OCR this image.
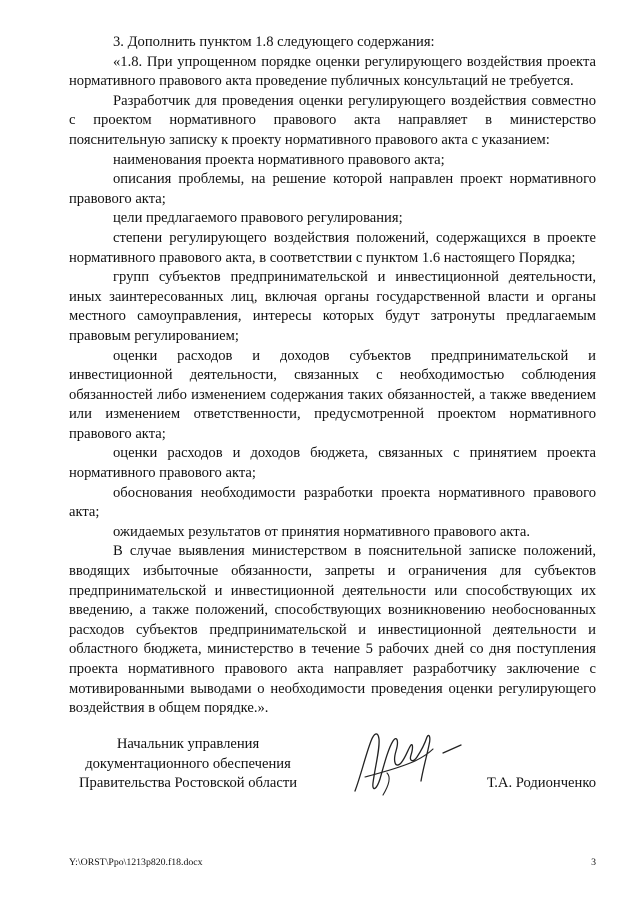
3. Дополнить пунктом 1.8 следующего содержания:

«1.8. При упрощенном порядке оценки регулирующего воздействия проекта нормативного правового акта проведение публичных консультаций не требуется.

Разработчик для проведения оценки регулирующего воздействия совместно с проектом нормативного правового акта направляет в министерство пояснительную записку к проекту нормативного правового акта с указанием:

наименования проекта нормативного правового акта;

описания проблемы, на решение которой направлен проект нормативного правового акта;

цели предлагаемого правового регулирования;

степени регулирующего воздействия положений, содержащихся в проекте нормативного правового акта, в соответствии с пунктом 1.6 настоящего Порядка;

групп субъектов предпринимательской и инвестиционной деятельности, иных заинтересованных лиц, включая органы государственной власти и органы местного самоуправления, интересы которых будут затронуты предлагаемым правовым регулированием;

оценки расходов и доходов субъектов предпринимательской и инвестиционной деятельности, связанных с необходимостью соблюдения обязанностей либо изменением содержания таких обязанностей, а также введением или изменением ответственности, предусмотренной проектом нормативного правового акта;

оценки расходов и доходов бюджета, связанных с принятием проекта нормативного правового акта;

обоснования необходимости разработки проекта нормативного правового акта;

ожидаемых результатов от принятия нормативного правового акта.

В случае выявления министерством в пояснительной записке положений, вводящих избыточные обязанности, запреты и ограничения для субъектов предпринимательской и инвестиционной деятельности или способствующих их введению, а также положений, способствующих возникновению необоснованных расходов субъектов предпринимательской и инвестиционной деятельности и областного бюджета, министерство в течение 5 рабочих дней со дня поступления проекта нормативного правового акта направляет разработчику заключение с мотивированными выводами о необходимости проведения оценки регулирующего воздействия в общем порядке.».

Начальник управления
документационного обеспечения
Правительства Ростовской области	Т.А. Родионченко
Y:\ORST\Ppo\1213p820.f18.docx	3
